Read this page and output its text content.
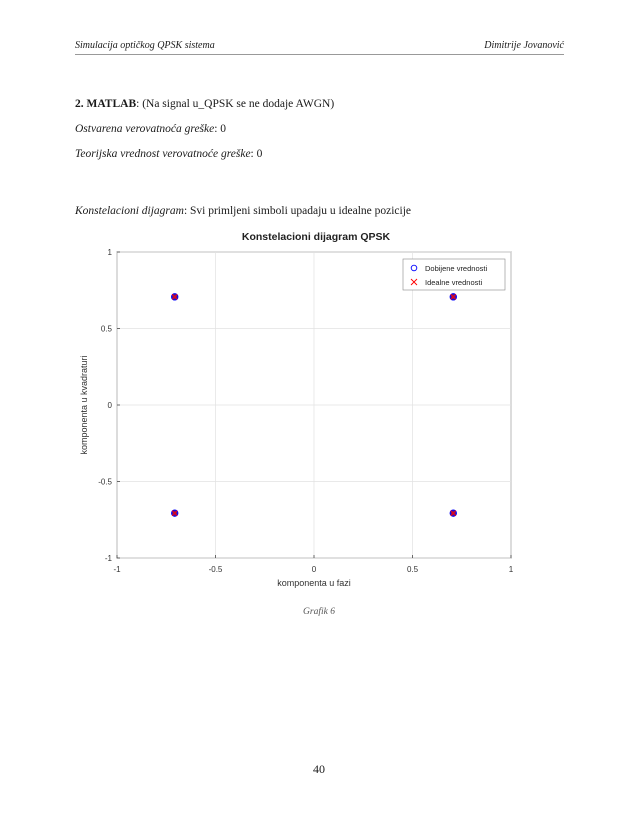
Simulacija optičkog QPSK sistema	Dimitrije Jovanović
2. MATLAB: (Na signal u_QPSK se ne dodaje AWGN)
Ostvarena verovatnoća greške: 0
Teorijska vrednost verovatnoće greške: 0
Konstelacioni dijagram: Svi primljeni simboli upadaju u idealne pozicije
Konstelacioni dijagram QPSK
-1	-0.5	0	0.5	1
-1
-0.5
0
0.5
1
komponenta u fazi
komponenta u kvadraturi
Dobijene vrednosti
Idealne vrednosti
Grafik 6
40
